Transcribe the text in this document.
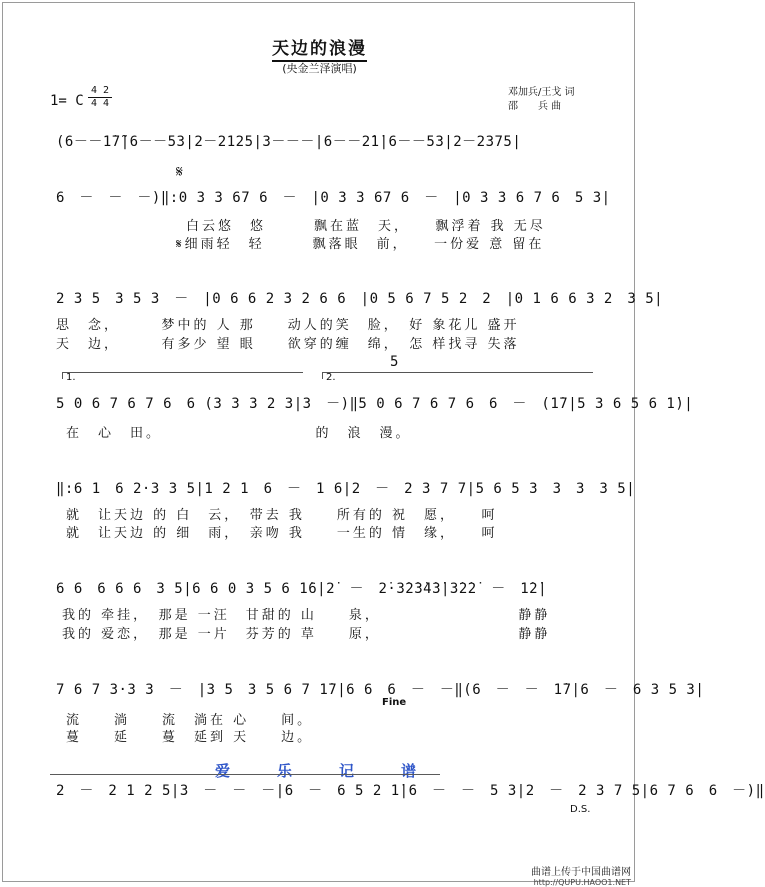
天边的浪漫
(央金兰泽演唱)
1= C
4 2
4 4
邓加兵/王戈 词
邵　　兵 曲
(6－－1̇7̃|6－－53|2－2125|3－－－|6－－2̇1̇|6－－53|2－2375|
𝄋
6　－　－　－)‖:0 3 3 67 6　－　|0 3 3 67 6　－　|0 3 3 6 7 6　5 3|
白云悠　悠　　　飘在蓝　天，　　飘浮着 我 无尽
𝄋细雨轻　轻　　　飘落眼　前，　　一份爱 意 留在
2 3 5　3 5 3　－　|0 6 6 2 3 2 6 6　|0 5 6 7 5 2　2　|0 1 6 6 3 2　3 5|
思　念，　　　梦中的 人 那　　动人的笑　脸，　好 象花儿 盛开
天　边，　　　有多少 望 眼　　欲穿的缠　绵，　怎 样找寻 失落
1.	2.
5
5 0 6 7 6 7 6　6 (3 3 3 2 3|3　－)‖5 0 6 7 6 7 6　6　－　(1̇7|5 3 6 5 6 1̇)|
在　心　田。　　　　　　　　　　的　浪　漫。
‖:6 1　6 2·3 3 5|1 2 1　6　－　1 6|2　－　2 3 7 7|5 6 5 3　3　3　3 5|
就　让天边 的 白　云，　带去 我　　所有的 祝　愿，　　呵
就　让天边 的 细　雨，　亲吻 我　　一生的 情　缘，　　呵
6 6　6 6 6　3 5|6 6 0 3 5 6 1̇6|2̇　－　2̇·3̇2̇3̇4̇3̇|3̇2̇2̇　－　1̇2̇|
我的 牵挂，　那是 一汪　甘甜的 山　　泉，　　　　　　　　　静静
我的 爱恋，　那是 一片　芬芳的 草　　原，　　　　　　　　　静静
7 6 7 3·3 3　－　|3 5　3 5 6 7 1̇7|6 6　6　－　－‖(6　－　－　1̇7|6　－　6 3 5 3|
Fine
流　　淌　　流　淌在 心　　间。
蔓　　延　　蔓　延到 天　　边。
爱　乐　记　谱
2　－　2 1 2 5|3　－　－　－|6　－　6 5 2 1̇|6　－　－　5 3|2　－　2 3 7 5|6 7 6　6　－)‖
D.S.
曲谱上传于中国曲谱网
http://QUPU.HAOO1.NET
